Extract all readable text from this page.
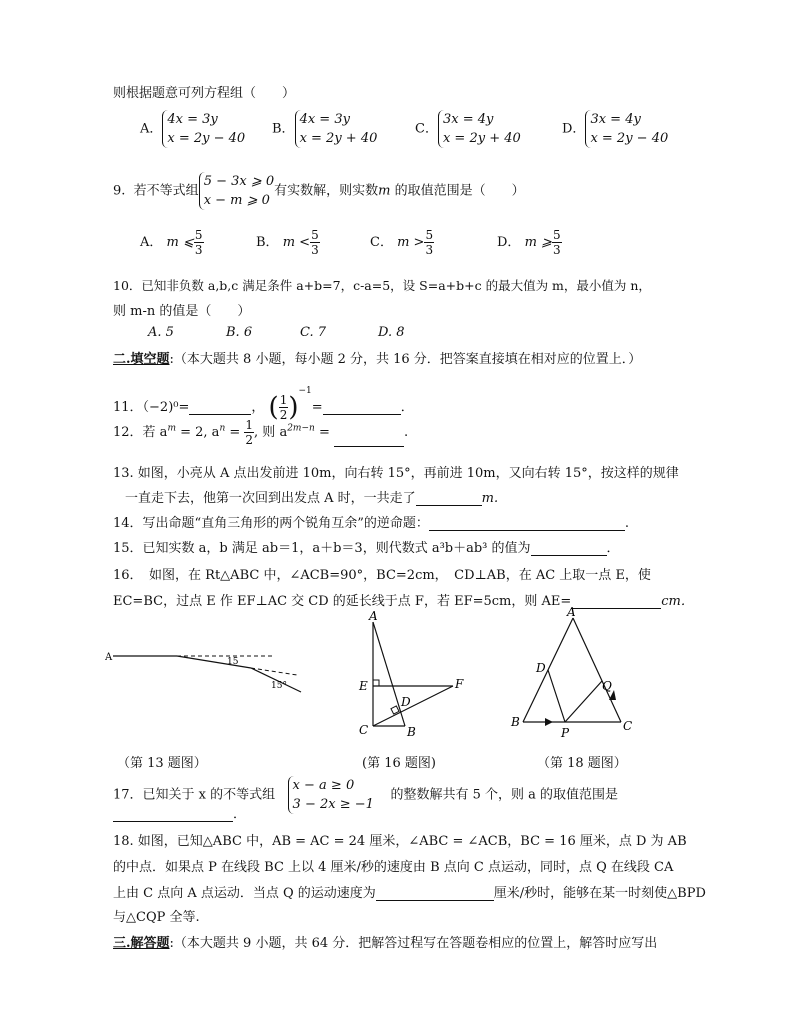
则根据题意可列方程组（　　）
A．4x = 3y
x = 2y − 40
B．4x = 3y
x = 2y + 40
C．3x = 4y
x = 2y + 40
D．3x = 4y
x = 2y − 40
9. 若不等式组5 − 3x ⩾ 0
x − m ⩾ 0有实数解，则实数m 的取值范围是（　　）
A． m ⩽ $\frac{5}{3}$	B． $m < \frac{5}{3}$	C． $m > \frac{5}{3}$	D． m ⩾ $\frac{5}{3}$
10．已知非负数 a,b,c 满足条件 a+b=7，c-a=5，设 S=a+b+c 的最大值为 m，最小值为 n，
则 m-n 的值是（　　）
A. 5	B. 6	C. 7	D. 8
二.填空题:（本大题共 8 小题，每小题 2 分，共 16 分．把答案直接填在相对应的位置上．）
11．（−2)⁰=	， ( $\frac{1}{2} )^{-1}=$	．
12．若 $a^m = 2$, $a^n = \frac{1}{2}$ , 则 $a^{2m-n}$ =	.
13. 如图，小亮从 A 点出发前进 10m，向右转 15°，再前进 10m，又向右转 15°，按这样的规律
一直走下去，他第一次回到出发点 A 时，一共走了	m.
14．写出命题“直角三角形的两个锐角互余”的逆命题：	.
15．已知实数 a，b 满足 ab＝1，a＋b＝3，则代数式 a³b＋ab³ 的值为	．
16．　如图，在 Rt△ABC 中，∠ACB=90°，BC=2cm，　CD⊥AB，在 AC 上取一点 E，使
EC=BC，过点 E 作 EF⊥AC 交 CD 的延长线于点 F，若 EF=5cm，则 AE=	cm．
A	15
15°
A
E	F
D
C	B
A
D
Q
B
P	C
（第 13 题图）	(第 16 题图)	（第 18 题图）
17．已知关于 x 的不等式组   x − a ≥ 0
3 − 2x ≥ −1    的整数解共有 5 个，则 a 的取值范围是
．
18. 如图，已知△ABC 中，AB = AC = 24 厘米，∠ABC = ∠ACB，BC = 16 厘米，点 D 为 AB
的中点．如果点 P 在线段 BC 上以 4 厘米/秒的速度由 B 点向 C 点运动，同时，点 Q 在线段 CA
上由 C 点向 A 点运动．当点 Q 的运动速度为	厘米/秒时，能够在某一时刻使△BPD
与△CQP 全等.
三.解答题:（本大题共 9 小题，共 64 分．把解答过程写在答题卷相应的位置上，解答时应写出
